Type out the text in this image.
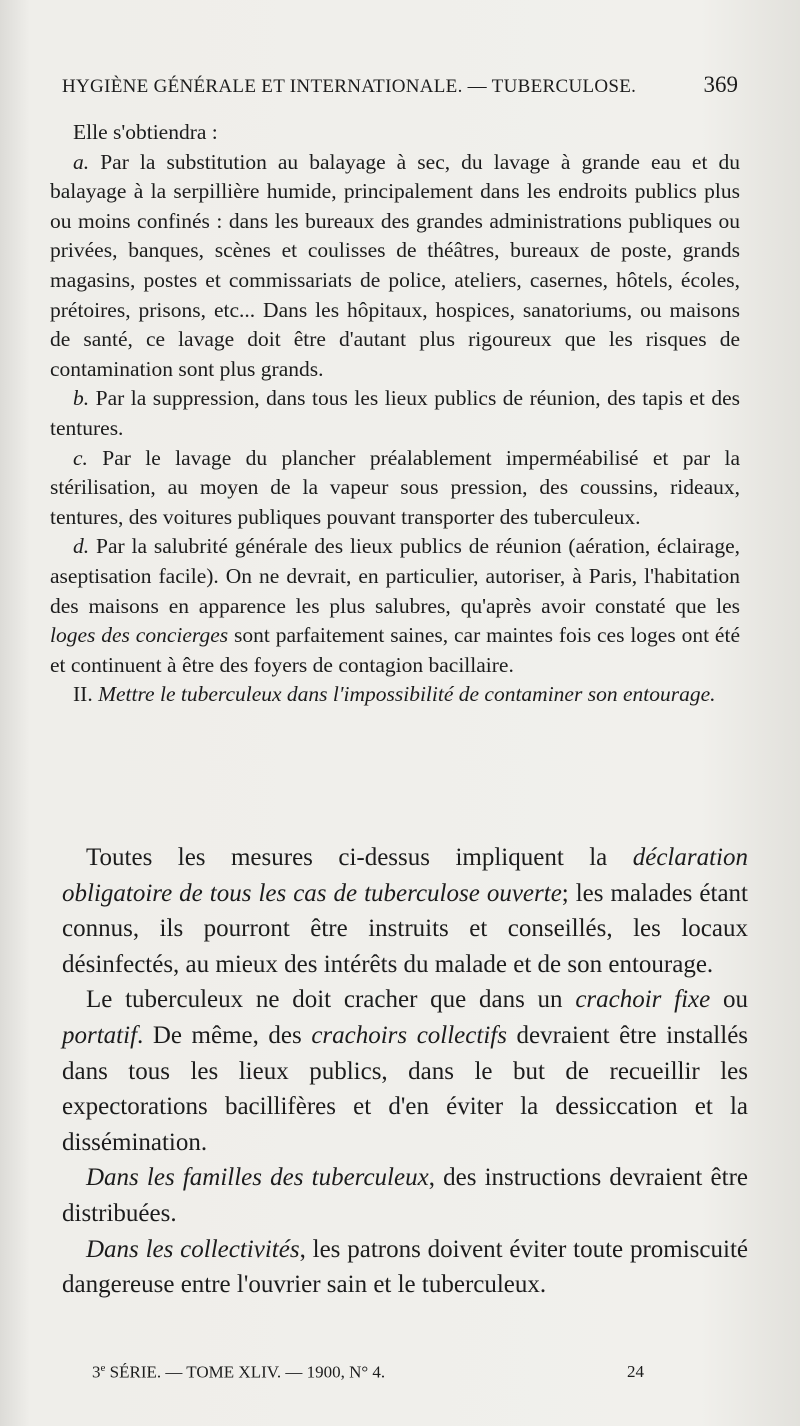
HYGIÈNE GÉNÉRALE ET INTERNATIONALE. — TUBERCULOSE.	369

Elle s'obtiendra :

a. Par la substitution au balayage à sec, du lavage à grande eau et du balayage à la serpillière humide, principalement dans les endroits publics plus ou moins confinés : dans les bureaux des grandes administrations publiques ou privées, banques, scènes et coulisses de théâtres, bureaux de poste, grands magasins, postes et commissariats de police, ateliers, casernes, hôtels, écoles, prétoires, prisons, etc... Dans les hôpitaux, hospices, sanatoriums, ou maisons de santé, ce lavage doit être d'autant plus rigoureux que les risques de contamination sont plus grands.

b. Par la suppression, dans tous les lieux publics de réunion, des tapis et des tentures.

c. Par le lavage du plancher préalablement imperméabilisé et par la stérilisation, au moyen de la vapeur sous pression, des coussins, rideaux, tentures, des voitures publiques pouvant transporter des tuberculeux.

d. Par la salubrité générale des lieux publics de réunion (aération, éclairage, aseptisation facile). On ne devrait, en particulier, autoriser, à Paris, l'habitation des maisons en apparence les plus salubres, qu'après avoir constaté que les loges des concierges sont parfaitement saines, car maintes fois ces loges ont été et continuent à être des foyers de contagion bacillaire.

II. Mettre le tuberculeux dans l'impossibilité de contaminer son entourage.

Toutes les mesures ci-dessus impliquent la déclaration obligatoire de tous les cas de tuberculose ouverte; les malades étant connus, ils pourront être instruits et conseillés, les locaux désinfectés, au mieux des intérêts du malade et de son entourage.

Le tuberculeux ne doit cracher que dans un crachoir fixe ou portatif. De même, des crachoirs collectifs devraient être installés dans tous les lieux publics, dans le but de recueillir les expectorations bacillifères et d'en éviter la dessiccation et la dissémination.

Dans les familles des tuberculeux, des instructions devraient être distribuées.

Dans les collectivités, les patrons doivent éviter toute promiscuité dangereuse entre l'ouvrier sain et le tuberculeux.

3e SÉRIE. — TOME XLIV. — 1900, N° 4.	24
